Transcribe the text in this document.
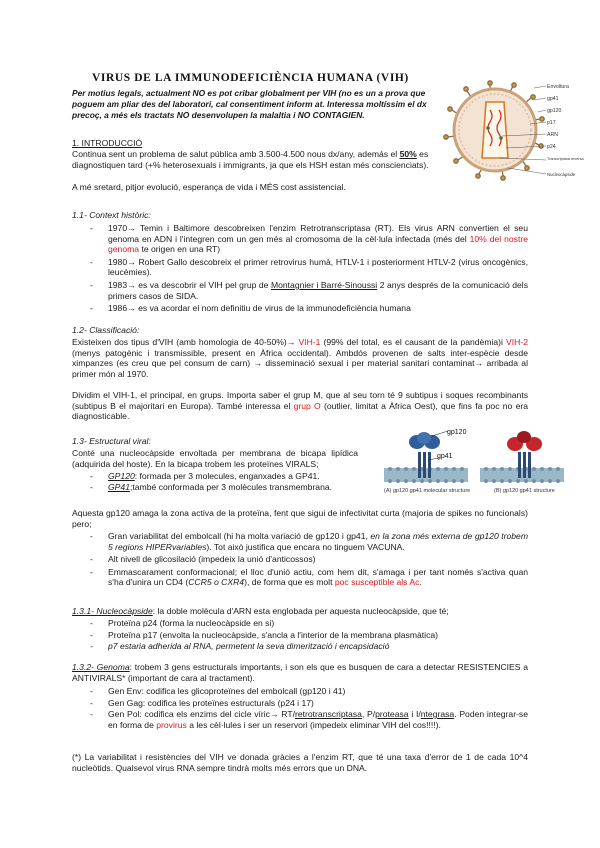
VIRUS DE LA IMMUNODEFICIÈNCIA HUMANA (VIH)
Per motius legals, actualment NO es pot cribar globalment per VIH (no es un a prova que poguem am pliar des del laboratori, cal consentiment inform at. Interessa moltíssim el dx precoç, a més els tractats NO desenvolupen la malaltia i NO CONTAGIEN.
Envoltura
gp41
gp120
p17
ARN
p24
Transcriptasa reversa
Nucleocàpside
1. INTRODUCCIÓ
Continua sent un problema de salut pública amb 3.500-4.500 nous dx/any, además el 50% es diagnostiquen tard (+% heterosexuals i immigrants, ja que els HSH estan més conscienciats).
A mé sretard, pitjor evolució, esperança de vida i MÉS cost assistencial.
1.1- Context històric:
- 1970→ Temin i Baltimore descobreixen l'enzim Retrotranscriptasa (RT). Els virus ARN convertien el seu genoma en ADN i l'integren com un gen més al cromosoma de la cèl·lula infectada (més del 10% del nostre genoma te origen en una RT)
- 1980→ Robert Gallo descobreix el primer retrovirus humà, HTLV-1 i posteriorment HTLV-2 (virus oncogènics, leucèmies).
- 1983→ es va descobrir el VIH pel grup de Montagnier i Barré-Sinoussi 2 anys després de la comunicació dels primers casos de SIDA.
- 1986→ es va acordar el nom definitiu de virus de la immunodeficiència humana
1.2- Classificació:
Existeixen dos tipus d'VIH (amb homologia de 40-50%)→ VIH-1 (99% del total, es el causant de la pandèmia)i VIH-2 (menys patogènic i transmissible, present en Àfrica occidental). Ambdós provenen de salts inter-espècie desde ximpanzes (es creu que pel consum de carn) → disseminació sexual i per material sanitari contaminat→ arribada al primer món al 1970.
Dividim el VIH-1, el principal, en grups. Importa saber el grup M, que al seu torn té 9 subtipus i soques recombinants (subtipus B el majoritari en Europa). També interessa el grup O (outlier, limitat a Àfrica Oest), que fins fa poc no era diagnosticable.
1.3- Estructural viral:
Conté una nucleocàpside envoltada per membrana de bicapa lipídica (adquirida del hoste). En la bicapa trobem les proteïnes VIRALS;
- GP120: formada per 3 molecules, enganxades a GP41.
- GP41;també conformada per 3 molècules transmembrana.
gp120
gp41
(A) gp120 gp41 molecular structure	(B) gp120 gp41 structure
Aquesta gp120 amaga la zona activa de la proteïna, fent que sigui de infectivitat curta (majoria de spikes no funcionals) pero;
- Gran variabilitat del embolcall (hi ha molta variació de gp120 i gp41, en la zona més externa de gp120 trobem 5 regions HIPERvariables). Tot això justifica que encara no tinguem VACUNA.
- Alt nivell de glicosilació (impedeix la unió d'anticossos)
- Emmascarament conformacional; el lloc d'unió actiu, com hem dit, s'amaga i per tant només s'activa quan s'ha d'unira un CD4 (CCR5 o CXR4), de forma que es molt poc susceptible als Ac.
1.3.1- Nucleocàpside: la doble molècula d'ARN esta englobada per aquesta nucleocàpside, que té;
- Proteïna p24 (forma la nucleocàpside en si)
- Proteïna p17 (envolta la nucleocàpside, s'ancla a l'interior de la membrana plasmàtica)
- p7 estaria adherida al RNA, permetent la seva dimerització i encapsidació
1.3.2- Genoma: trobem 3 gens estructurals importants, i son els que es busquen de cara a detectar RESISTENCIES a ANTIVIRALS* (important de cara al tractament).
- Gen Env: codifica les glicoproteïnes del embolcall (gp120 i 41)
- Gen Gag: codifica les proteïnes estructurals (p24 i 17)
- Gen Pol: codifica els enzims del cicle víric→ RT/retrotranscriptasa, P/proteasa i I/ntegrasa. Poden integrar-se en forma de provirus a les cèl·lules i ser un reservori (impedeix eliminar VIH del cos!!!!).
(*) La variabilitat i resistències del VIH ve donada gràcies a l'enzim RT, que té una taxa d'error de 1 de cada 10^4 nucleòtids. Qualsevol virus RNA sempre tindrà molts més errors que un DNA.
